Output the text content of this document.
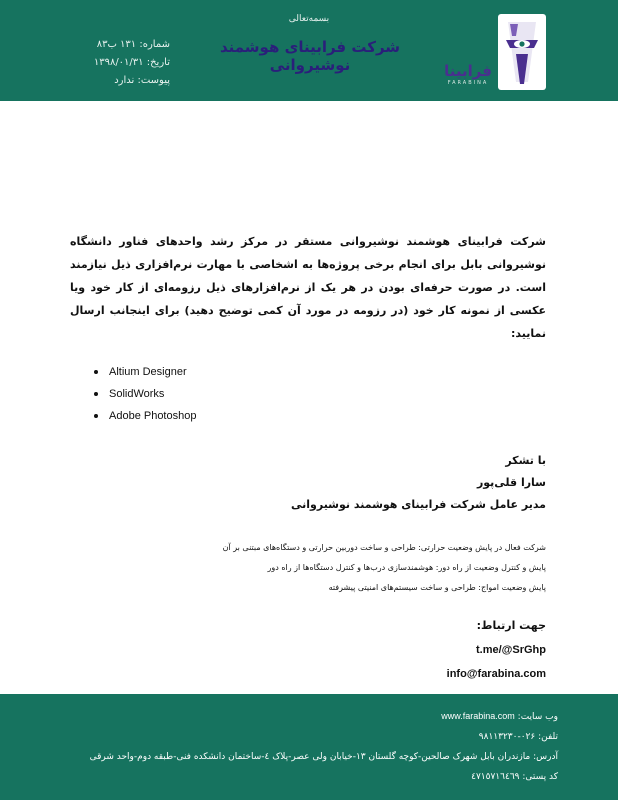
بسمه‌تعالی
شرکت فرابینای هوشمند نوشیروانی
شماره: ۱۳۱ ب‌۸۳
تاریخ: ۱۳۹۸/۰۱/۳۱
پیوست: ندارد
فرابینا
FARABINA
شرکت فرابینای هوشمند نوشیروانی مستقر در مرکز رشد واحدهای فناور دانشگاه نوشیروانی بابل برای انجام برخی پروژه‌ها به اشخاصی با مهارت نرم‌افزاری ذیل نیازمند است. در صورت حرفه‌ای بودن در هر یک از نرم‌افزارهای ذیل رزومه‌ای از کار خود ویا عکسی از نمونه کار خود (در رزومه در مورد آن کمی توضیح دهید) برای اینجانب ارسال نمایید:
Altium Designer
SolidWorks
Adobe Photoshop
با تشکر
سارا قلی‌پور
مدیر عامل شرکت فرابینای هوشمند نوشیروانی
شرکت فعال در پایش وضعیت حرارتی: طراحی و ساخت دوربین حرارتی و دستگاه‌های مبتنی بر آن
پایش و کنترل وضعیت از راه دور: هوشمندسازی درب‌ها و کنترل دستگاه‌ها از راه دور
پایش وضعیت امواج: طراحی و ساخت سیستم‌های امنیتی پیشرفته
جهت ارتباط:
t.me/@SrGhp
info@farabina.com
وب سایت: www.farabina.com
تلفن: ۰۲۶-۹۸۱۱۳۲۳۰
آدرس: مازندران بابل شهرک صالحین-کوچه گلستان ۱۳-خیابان ولی عصر-پلاک ٤-ساختمان دانشکده فنی-طبقه دوم-واحد شرقی
کد پستی: ٤٧١٥٧١٦٤٦٩
